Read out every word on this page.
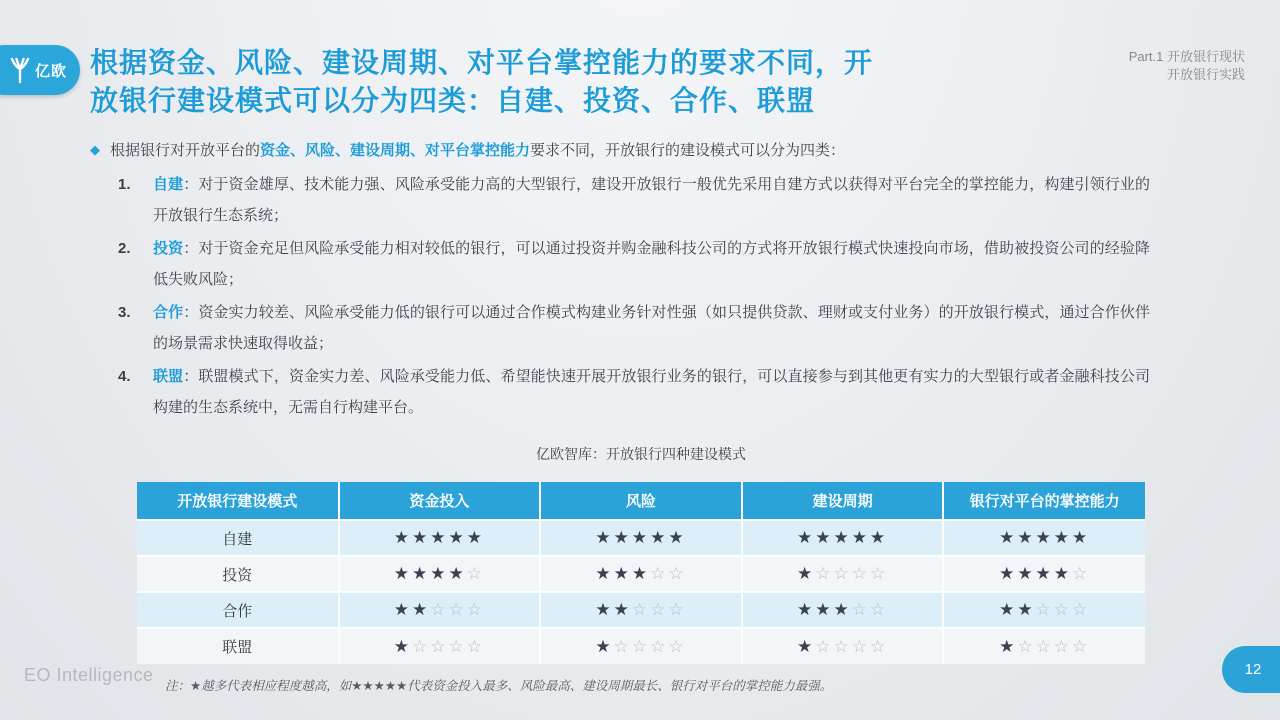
亿欧 根据资金、风险、建设周期、对平台掌控能力的要求不同，开
放银行建设模式可以分为四类：自建、投资、合作、联盟
Part.1 开放银行现状
开放银行实践
◆ 根据银行对开放平台的资金、风险、建设周期、对平台掌控能力要求不同，开放银行的建设模式可以分为四类：
1.	自建：对于资金雄厚、技术能力强、风险承受能力高的大型银行，建设开放银行一般优先采用自建方式以获得对平台完全的掌控能力，构建引领行业的开放银行生态系统；
2.	投资：对于资金充足但风险承受能力相对较低的银行，可以通过投资并购金融科技公司的方式将开放银行模式快速投向市场，借助被投资公司的经验降低失败风险；
3.	合作：资金实力较差、风险承受能力低的银行可以通过合作模式构建业务针对性强（如只提供贷款、理财或支付业务）的开放银行模式，通过合作伙伴的场景需求快速取得收益；
4.	联盟：联盟模式下，资金实力差、风险承受能力低、希望能快速开展开放银行业务的银行，可以直接参与到其他更有实力的大型银行或者金融科技公司构建的生态系统中，无需自行构建平台。
亿欧智库：开放银行四种建设模式
开放银行建设模式	资金投入	风险	建设周期	银行对平台的掌控能力
自建	★★★★★	★★★★★	★★★★★	★★★★★
投资	★★★★☆	★★★☆☆	★☆☆☆☆	★★★★☆
合作	★★☆☆☆	★★☆☆☆	★★★☆☆	★★☆☆☆
联盟	★☆☆☆☆	★☆☆☆☆	★☆☆☆☆	★☆☆☆☆
注：★越多代表相应程度越高，如★★★★★代表资金投入最多、风险最高、建设周期最长、银行对平台的掌控能力最强。
EO Intelligence	12
